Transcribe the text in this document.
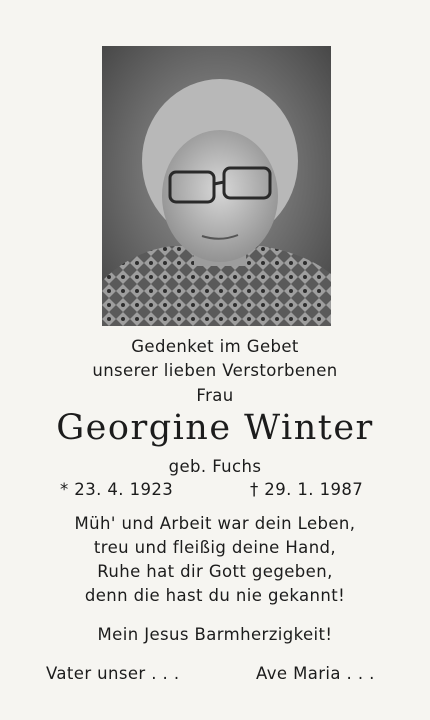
Gedenket im Gebet
unserer lieben Verstorbenen
Frau
Georgine Winter
geb. Fuchs
* 23. 4. 1923	† 29. 1. 1987
Müh' und Arbeit war dein Leben,
treu und fleißig deine Hand,
Ruhe hat dir Gott gegeben,
denn die hast du nie gekannt!
Mein Jesus Barmherzigkeit!
Vater unser . . .	Ave Maria . . .
